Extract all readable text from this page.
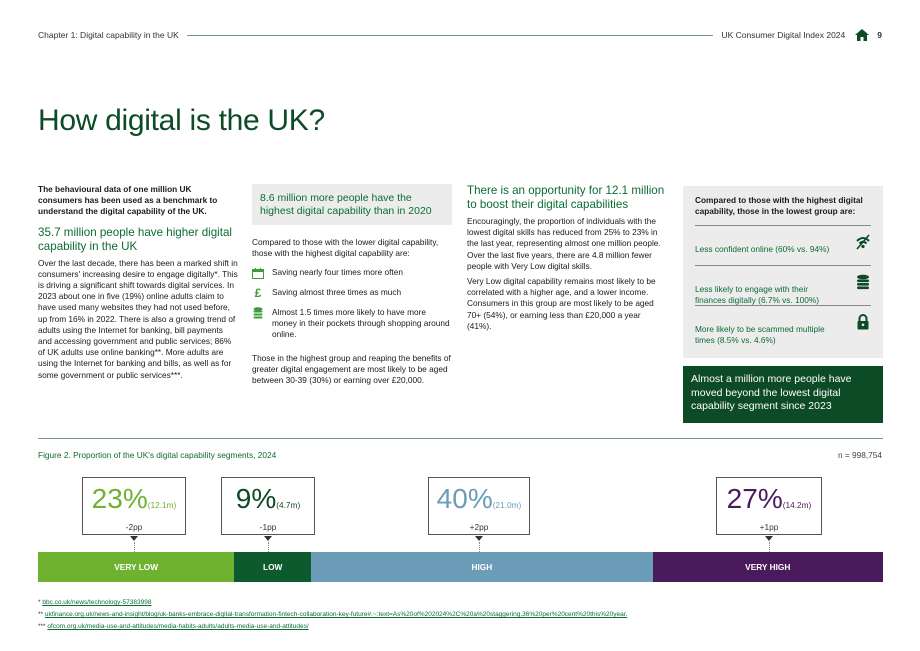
Chapter 1: Digital capability in the UK	UK Consumer Digital Index 2024	9
How digital is the UK?

The behavioural data of one million UK consumers has been used as a benchmark to understand the digital capability of the UK.

35.7 million people have higher digital capability in the UK

Over the last decade, there has been a marked shift in consumers' increasing desire to engage digitally*. This is driving a significant shift towards digital services. In 2023 about one in five (19%) online adults claim to have used many websites they had not used before, up from 16% in 2022. There is also a growing trend of adults using the Internet for banking, bill payments and accessing government and public services; 86% of UK adults use online banking**. More adults are using the Internet for banking and bills, as well as for some government or public services***.

8.6 million more people have the highest digital capability than in 2020

Compared to those with the lower digital capability, those with the highest digital capability are:

Saving nearly four times more often
£	Saving almost three times as much
Almost 1.5 times more likely to have more money in their pockets through shopping around online.

Those in the highest group and reaping the benefits of greater digital engagement are most likely to be aged between 30-39 (30%) or earning over £20,000.

There is an opportunity for 12.1 million to boost their digital capabilities

Encouragingly, the proportion of individuals with the lowest digital skills has reduced from 25% to 23% in the last year, representing almost one million people. Over the last five years, there are 4.8 million fewer people with Very Low digital skills.

Very Low digital capability remains most likely to be correlated with a higher age, and a lower income. Consumers in this group are most likely to be aged 70+ (54%), or earning less than £20,000 a year (41%).

Compared to those with the highest digital capability, those in the lowest group are:

Less confident online (60% vs. 94%)
Less likely to engage with their finances digitally (6.7% vs. 100%)
More likely to be scammed multiple times (8.5% vs. 4.6%)
Almost a million more people have moved beyond the lowest digital capability segment since 2023
Figure 2. Proportion of the UK's digital capability segments, 2024	n = 998,754
23%(12.1m)
-2pp
9%(4.7m)
-1pp
40%(21.0m)
+2pp
27%(14.2m)
+1pp
VERY LOW	LOW	HIGH	VERY HIGH
* bbc.co.uk/news/technology-57383998
** ukfinance.org.uk/news-and-insight/blog/uk-banks-embrace-digital-transformation-fintech-collaboration-key-future#:~:text=As%20of%202024%2C%20a%20staggering,36%20per%20cent%20this%20year.
*** ofcom.org.uk/media-use-and-attitudes/media-habits-adults/adults-media-use-and-attitudes/
